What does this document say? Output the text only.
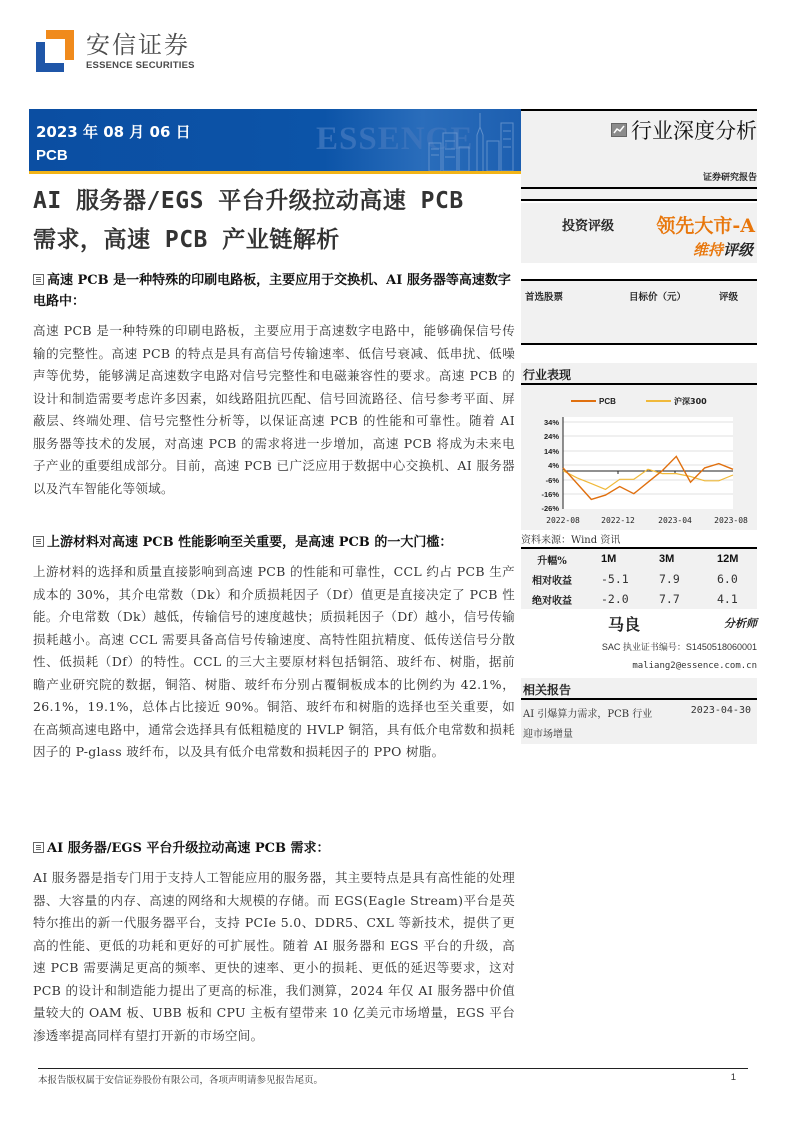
安信证券
ESSENCE SECURITIES
2023 年 08 月 06 日
PCB	ESSENCE	行业深度分析
证券研究报告
投资评级 领先大市-A
维持评级
AI 服务器/EGS 平台升级拉动高速 PCB
需求，高速 PCB 产业链解析
高速 PCB 是一种特殊的印刷电路板，主要应用于交换机、AI 服务器等高速数字电路中：
高速 PCB 是一种特殊的印刷电路板，主要应用于高速数字电路中，能够确保信号传输的完整性。高速 PCB 的特点是具有高信号传输速率、低信号衰减、低串扰、低噪声等优势，能够满足高速数字电路对信号完整性和电磁兼容性的要求。高速 PCB 的设计和制造需要考虑许多因素，如线路阻抗匹配、信号回流路径、信号参考平面、屏蔽层、终端处理、信号完整性分析等，以保证高速 PCB 的性能和可靠性。随着 AI 服务器等技术的发展，对高速 PCB 的需求将进一步增加，高速 PCB 将成为未来电子产业的重要组成部分。目前，高速 PCB 已广泛应用于数据中心交换机、AI 服务器以及汽车智能化等领域。
上游材料对高速 PCB 性能影响至关重要，是高速 PCB 的一大门槛：
上游材料的选择和质量直接影响到高速 PCB 的性能和可靠性，CCL 约占 PCB 生产成本的 30%，其介电常数（Dk）和介质损耗因子（Df）值更是直接决定了 PCB 性能。介电常数（Dk）越低，传输信号的速度越快；质损耗因子（Df）越小，信号传输损耗越小。高速 CCL 需要具备高信号传输速度、高特性阻抗精度、低传送信号分散性、低损耗（Df）的特性。CCL 的三大主要原材料包括铜箔、玻纤布、树脂，据前瞻产业研究院的数据，铜箔、树脂、玻纤布分别占覆铜板成本的比例约为 42.1%，26.1%，19.1%，总体占比接近 90%。铜箔、玻纤布和树脂的选择也至关重要，如在高频高速电路中，通常会选择具有低粗糙度的 HVLP 铜箔，具有低介电常数和损耗因子的 P-glass 玻纤布，以及具有低介电常数和损耗因子的 PPO 树脂。
AI 服务器/EGS 平台升级拉动高速 PCB 需求：
AI 服务器是指专门用于支持人工智能应用的服务器，其主要特点是具有高性能的处理器、大容量的内存、高速的网络和大规模的存储。而 EGS(Eagle Stream)平台是英特尔推出的新一代服务器平台，支持 PCIe 5.0、DDR5、CXL 等新技术，提供了更高的性能、更低的功耗和更好的可扩展性。随着 AI 服务器和 EGS 平台的升级，高速 PCB 需要满足更高的频率、更快的速率、更小的损耗、更低的延迟等要求，这对 PCB 的设计和制造能力提出了更高的标准，我们测算，2024 年仅 AI 服务器中价值量较大的 OAM 板、UBB 板和 CPU 主板有望带来 10 亿美元市场增量，EGS 平台渗透率提高同样有望打开新的市场空间。
首选股票	目标价（元）	评级
行业表现
34%
24%
14%
4%
-6%
-16%
-26%
2022-08	2022-12	2023-04	2023-08
PCB	沪深300
资料来源：Wind 资讯
升幅%	1M	3M	12M
相对收益	-5.1	7.9	6.0
绝对收益	-2.0	7.7	4.1
马良	分析师
SAC 执业证书编号：S1450518060001
maliang2@essence.com.cn
相关报告
AI 引爆算力需求，PCB 行业
迎市场增量
2023-04-30
本报告版权属于安信证券股份有限公司，各项声明请参见报告尾页。	1
